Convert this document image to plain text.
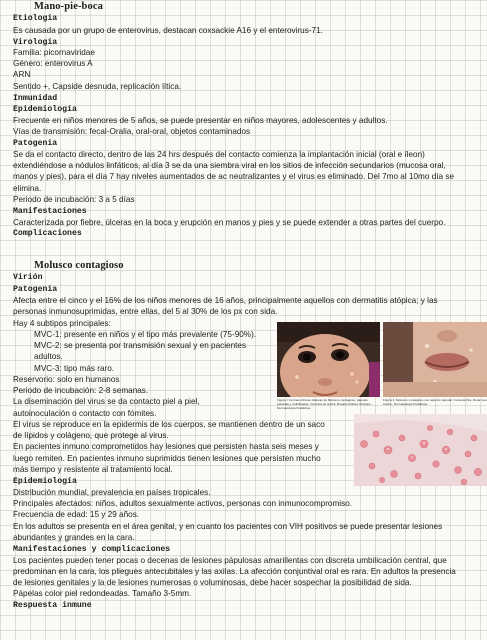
Mano-pie-boca
Etiología
Es causada por un grupo de enterovirus, destacan coxsackie A16 y el enterovirus-71.
Virología
Familia: picornaviridae
Género: enterovirus A
ARN
Sentido +, Capside desnuda, replicación lítica.
Inmunidad
Epidemiología
Frecuente en niños menores de 5 años, se puede presentar en niños mayores, adolescentes y adultos.
Vías de transmisión: fecal-Oralia, oral-oral, objetos contaminados
Patogenia
Se da el contacto directo, dentro de las 24 hrs después del contacto comienza la implantación inicial (oral e íleon)
extendiéndose a nódulos linfáticos, al día 3 se da una siembra viral en los sitios de infección secundarios (mucosa oral,
manos y pies), para el día 7 hay niveles aumentados de ac neutralizantes y el virus es eliminado. Del 7mo al 10mo día se
elimina.
Periodo de incubación: 3 a 5 días
Manifestaciones
Caracterizada por fiebre, úlceras en la boca y erupción en manos y pies y se puede extender a otras partes del cuerpo.
Complicaciones
Molusco contagioso
Virión
Patogenia
Afecta entre el cinco y el 16% de los niños menores de 16 años, principalmente aquellos con dermatitis atópica; y las
personas inmunosuprimidas, entre ellas, del 5 al 30% de los px con sida.
Hay 4 subtipos principales:
MVC-1: presente en niños y el tipo más prevalente (75-90%).
MVC-2: se presenta por transmisión sexual y en pacientes
adultos.
MVC-3: tipo más raro.
Reservorio: solo en humanos
Periodo de incubación: 2-8 semanas.
La diseminación del virus se da contacto piel a piel,
autoinoculación o contacto con fómites.
El virus se reproduce en la epidermis de los cuerpos, se mantienen dentro de un saco
de lípidos y colágeno, que protege al virus.
En pacientes inmuno comprometidos hay lesiones que persisten hasta seis meses y
luego remiten. En pacientes inmuno suprimidos tienen lesiones que persisten mucho
más tiempo y resistente al tratamiento local.
Epidemiología
Distribución mundial, prevalencia en países tropicales.
Principales afectados: niños, adultos sexualmente activos, personas con inmunocompromiso.
Frecuencia de edad: 15 y 29 años.
En los adultos se presenta en el área genital, y en cuanto los pacientes con VIH positivos se puede presentar lesiones
abundantes y grandes en la cara.
Manifestaciones y complicaciones
Los pacientes pueden tener pocas o decenas de lesiones pápulosas amarillentas con discreta umbilicación central, que
predominan en la cara, los pliegues antecubitales y las axilas. La afección conjuntival oral es rara. En adultos la presencia
de lesiones genitales y la de lesiones numerosas o voluminosas, debe hacer sospechar la posibilidad de sida.
Pápelas color piel redondeadas. Tamaño 3-5mm.
Respuesta inmune
Figura I. Formas clínicas clásicas de Molusco contagioso, pápulas perladas y umbilicadas. Cortesía de la Dra. Rosario Robles Ocampo, Dermatología Pediátrica.
Figura 4. Molusco contagioso con aspecto papular. Cortesía Dra. Rosa Ines Castro, Dermatología Pediátrica.
